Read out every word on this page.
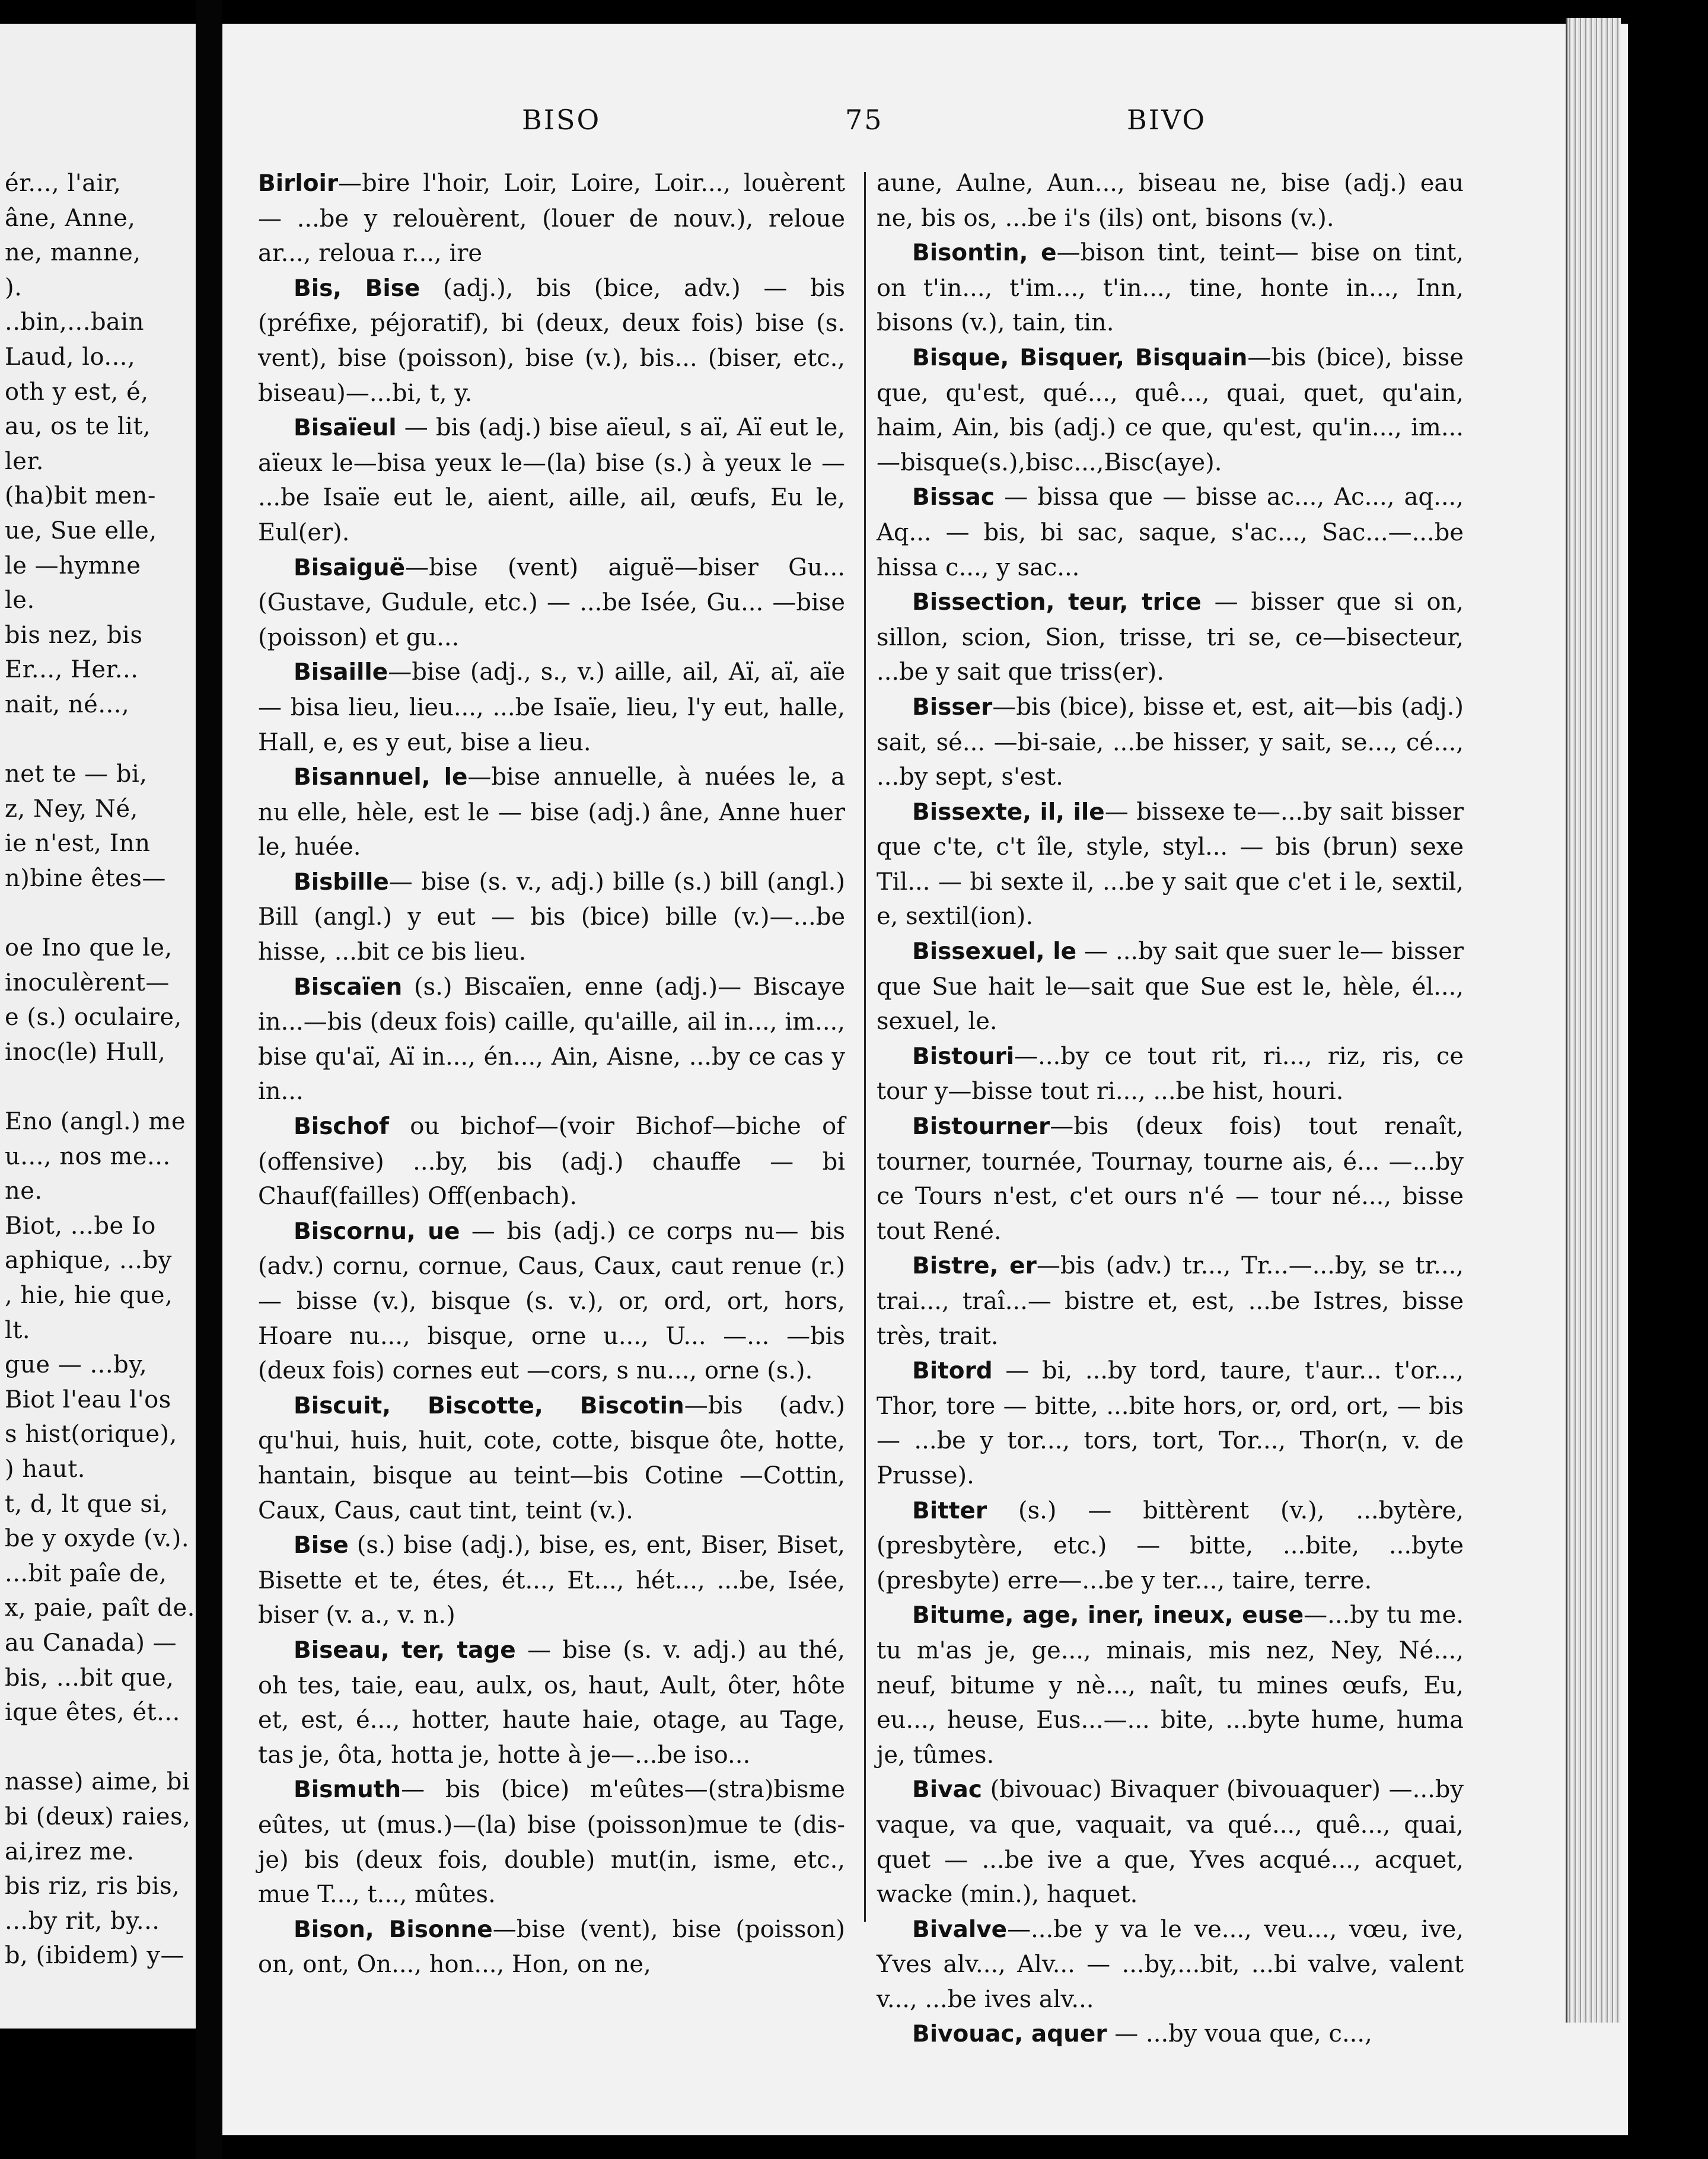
ér..., l'air,
âne, Anne,
ne, manne,
).
..bin,...bain
Laud, lo...,
oth y est, é,
au, os te lit,
ler.
(ha)bit men-
ue, Sue elle,
le —hymne
le.
bis nez, bis
Er..., Her...
nait, né...,
net te — bi,
z, Ney, Né,
ie n'est, Inn
n)bine êtes—
oe Ino que le,
inoculèrent—
e (s.) oculaire,
inoc(le) Hull,
Eno (angl.) me
u..., nos me...
ne.
Biot, ...be Io
aphique, ...by
, hie, hie que,
lt.
gue — ...by,
Biot l'eau l'os
s hist(orique),
) haut.
t, d, lt que si,
be y oxyde (v.).
...bit paîe de,
x, paie, paît de.
au Canada) —
bis, ...bit que,
ique êtes, ét...
nasse) aime, bi
bi (deux) raies,
ai,irez me.
bis riz, ris bis,
...by rit, by...
b, (ibidem) y—
BISO	75	BIVO

Birloir—bire l'hoir, Loir, Loire, Loir..., louèrent — ...be y relouèrent, (louer de nouv.), reloue ar..., reloua r..., ire

Bis, Bise (adj.), bis (bice, adv.) — bis (préfixe, péjoratif), bi (deux, deux fois) bise (s. vent), bise (poisson), bise (v.), bis... (biser, etc., biseau)—...bi, t, y.

Bisaïeul — bis (adj.) bise aïeul, s aï, Aï eut le, aïeux le—bisa yeux le—(la) bise (s.) à yeux le — ...be Isaïe eut le, aient, aille, ail, œufs, Eu le, Eul(er).

Bisaiguë—bise (vent) aiguë—biser Gu... (Gustave, Gudule, etc.) — ...be Isée, Gu... —bise (poisson) et gu...

Bisaille—bise (adj., s., v.) aille, ail, Aï, aï, aïe — bisa lieu, lieu..., ...be Isaïe, lieu, l'y eut, halle, Hall, e, es y eut, bise a lieu.

Bisannuel, le—bise annuelle, à nuées le, a nu elle, hèle, est le — bise (adj.) âne, Anne huer le, huée.

Bisbille— bise (s. v., adj.) bille (s.) bill (angl.) Bill (angl.) y eut — bis (bice) bille (v.)—...be hisse, ...bit ce bis lieu.

Biscaïen (s.) Biscaïen, enne (adj.)— Biscaye in...—bis (deux fois) caille, qu'aille, ail in..., im..., bise qu'aï, Aï in..., én..., Ain, Aisne, ...by ce cas y in...

Bischof ou bichof—(voir Bichof—biche of (offensive) ...by, bis (adj.) chauffe — bi Chauf(failles) Off(enbach).

Biscornu, ue — bis (adj.) ce corps nu— bis (adv.) cornu, cornue, Caus, Caux, caut renue (r.) — bisse (v.), bisque (s. v.), or, ord, ort, hors, Hoare nu..., bisque, orne u..., U... —... —bis (deux fois) cornes eut —cors, s nu..., orne (s.).

Biscuit, Biscotte, Biscotin—bis (adv.) qu'hui, huis, huit, cote, cotte, bisque ôte, hotte, hantain, bisque au teint—bis Cotine —Cottin, Caux, Caus, caut tint, teint (v.).

Bise (s.) bise (adj.), bise, es, ent, Biser, Biset, Bisette et te, étes, ét..., Et..., hét..., ...be, Isée, biser (v. a., v. n.)

Biseau, ter, tage — bise (s. v. adj.) au thé, oh tes, taie, eau, aulx, os, haut, Ault, ôter, hôte et, est, é..., hotter, haute haie, otage, au Tage, tas je, ôta, hotta je, hotte à je—...be iso...

Bismuth— bis (bice) m'eûtes—(stra)bisme eûtes, ut (mus.)—(la) bise (poisson)mue te (dis-je) bis (deux fois, double) mut(in, isme, etc., mue T..., t..., mûtes.

Bison, Bisonne—bise (vent), bise (poisson) on, ont, On..., hon..., Hon, on ne,

aune, Aulne, Aun..., biseau ne, bise (adj.) eau ne, bis os, ...be i's (ils) ont, bisons (v.).

Bisontin, e—bison tint, teint— bise on tint, on t'in..., t'im..., t'in..., tine, honte in..., Inn, bisons (v.), tain, tin.

Bisque, Bisquer, Bisquain—bis (bice), bisse que, qu'est, qué..., quê..., quai, quet, qu'ain, haim, Ain, bis (adj.) ce que, qu'est, qu'in..., im...—bisque(s.),bisc...,Bisc(aye).

Bissac — bissa que — bisse ac..., Ac..., aq..., Aq... — bis, bi sac, saque, s'ac..., Sac...—...be hissa c..., y sac...

Bissection, teur, trice — bisser que si on, sillon, scion, Sion, trisse, tri se, ce—bisecteur, ...be y sait que triss(er).

Bisser—bis (bice), bisse et, est, ait—bis (adj.) sait, sé... —bi-saie, ...be hisser, y sait, se..., cé..., ...by sept, s'est.

Bissexte, il, ile— bissexe te—...by sait bisser que c'te, c't île, style, styl... — bis (brun) sexe Til... — bi sexte il, ...be y sait que c'et i le, sextil, e, sextil(ion).

Bissexuel, le — ...by sait que suer le— bisser que Sue hait le—sait que Sue est le, hèle, él..., sexuel, le.

Bistouri—...by ce tout rit, ri..., riz, ris, ce tour y—bisse tout ri..., ...be hist, houri.

Bistourner—bis (deux fois) tout renaît, tourner, tournée, Tournay, tourne ais, é... —...by ce Tours n'est, c'et ours n'é — tour né..., bisse tout René.

Bistre, er—bis (adv.) tr..., Tr...—...by, se tr..., trai..., traî...— bistre et, est, ...be Istres, bisse très, trait.

Bitord — bi, ...by tord, taure, t'aur... t'or..., Thor, tore — bitte, ...bite hors, or, ord, ort, — bis — ...be y tor..., tors, tort, Tor..., Thor(n, v. de Prusse).

Bitter (s.) — bittèrent (v.), ...bytère, (presbytère, etc.) — bitte, ...bite, ...byte (presbyte) erre—...be y ter..., taire, terre.

Bitume, age, iner, ineux, euse—...by tu me. tu m'as je, ge..., minais, mis nez, Ney, Né..., neuf, bitume y nè..., naît, tu mines œufs, Eu, eu..., heuse, Eus...—... bite, ...byte hume, huma je, tûmes.

Bivac (bivouac) Bivaquer (bivouaquer) —...by vaque, va que, vaquait, va qué..., quê..., quai, quet — ...be ive a que, Yves acqué..., acquet, wacke (min.), haquet.

Bivalve—...be y va le ve..., veu..., vœu, ive, Yves alv..., Alv... — ...by,...bit, ...bi valve, valent v..., ...be ives alv...

Bivouac, aquer — ...by voua que, c...,
